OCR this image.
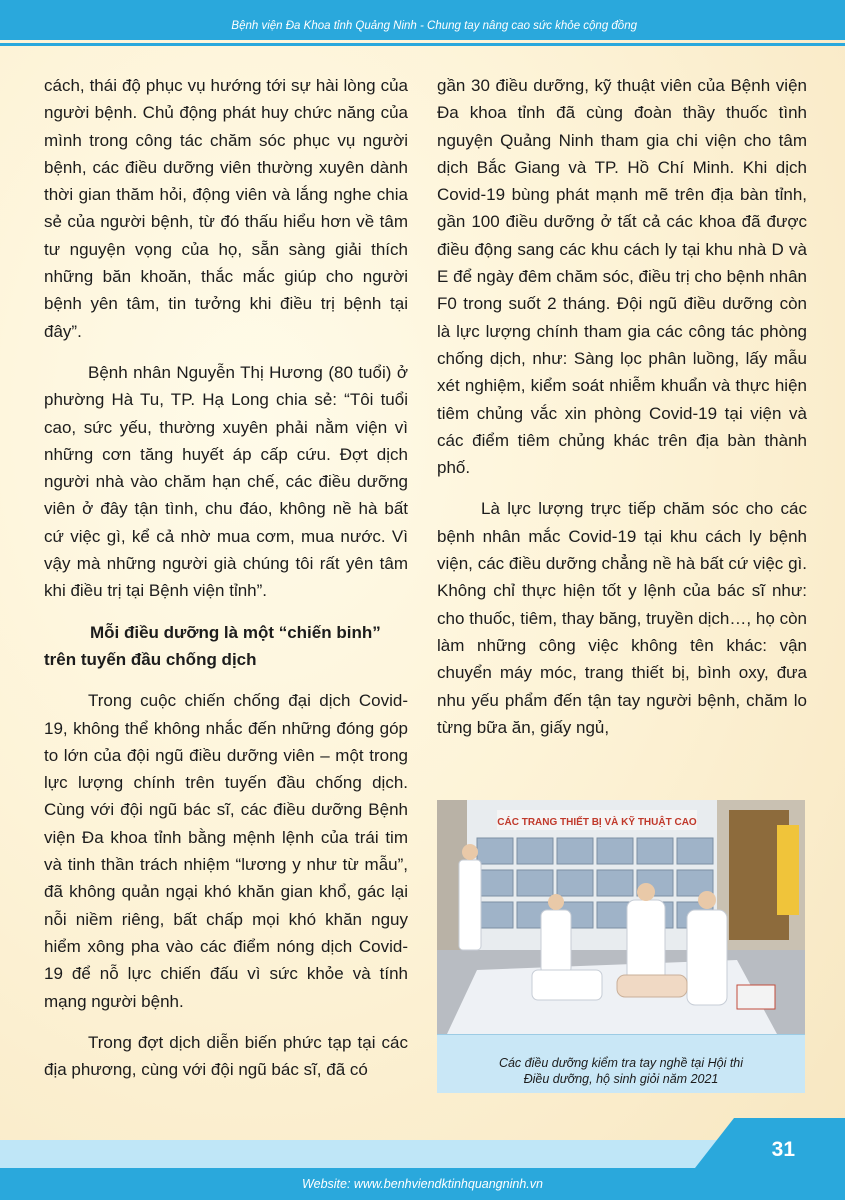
Bệnh viện Đa Khoa tỉnh Quảng Ninh - Chung tay nâng cao sức khỏe cộng đồng

cách, thái độ phục vụ hướng tới sự hài lòng của người bệnh. Chủ động phát huy chức năng của mình trong công tác chăm sóc phục vụ người bệnh, các điều dưỡng viên thường xuyên dành thời gian thăm hỏi, động viên và lắng nghe chia sẻ của người bệnh, từ đó thấu hiểu hơn về tâm tư nguyện vọng của họ, sẵn sàng giải thích những băn khoăn, thắc mắc giúp cho người bệnh yên tâm, tin tưởng khi điều trị bệnh tại đây”.

Bệnh nhân Nguyễn Thị Hương (80 tuổi) ở phường Hà Tu, TP. Hạ Long chia sẻ: “Tôi tuổi cao, sức yếu, thường xuyên phải nằm viện vì những cơn tăng huyết áp cấp cứu. Đợt dịch người nhà vào chăm hạn chế, các điều dưỡng viên ở đây tận tình, chu đáo, không nề hà bất cứ việc gì, kể cả nhờ mua cơm, mua nước. Vì vậy mà những người già chúng tôi rất yên tâm khi điều trị tại Bệnh viện tỉnh”.

Mỗi điều dưỡng là một “chiến binh”
trên tuyến đầu chống dịch

Trong cuộc chiến chống đại dịch Covid-19, không thể không nhắc đến những đóng góp to lớn của đội ngũ điều dưỡng viên – một trong lực lượng chính trên tuyến đầu chống dịch. Cùng với đội ngũ bác sĩ, các điều dưỡng Bệnh viện Đa khoa tỉnh bằng mệnh lệnh của trái tim và tinh thần trách nhiệm “lương y như từ mẫu”, đã không quản ngại khó khăn gian khổ, gác lại nỗi niềm riêng, bất chấp mọi khó khăn nguy hiểm xông pha vào các điểm nóng dịch Covid-19 để nỗ lực chiến đấu vì sức khỏe và tính mạng người bệnh.

Trong đợt dịch diễn biến phức tạp tại các địa phương, cùng với đội ngũ bác sĩ, đã có

gần 30 điều dưỡng, kỹ thuật viên của Bệnh viện Đa khoa tỉnh đã cùng đoàn thầy thuốc tình nguyện Quảng Ninh tham gia chi viện cho tâm dịch Bắc Giang và TP. Hồ Chí Minh. Khi dịch Covid-19 bùng phát mạnh mẽ trên địa bàn tỉnh, gần 100 điều dưỡng ở tất cả các khoa đã được điều động sang các khu cách ly tại khu nhà D và E để ngày đêm chăm sóc, điều trị cho bệnh nhân F0 trong suốt 2 tháng. Đội ngũ điều dưỡng còn là lực lượng chính tham gia các công tác phòng chống dịch, như: Sàng lọc phân luồng, lấy mẫu xét nghiệm, kiểm soát nhiễm khuẩn và thực hiện tiêm chủng vắc xin phòng Covid-19 tại viện và các điểm tiêm chủng khác trên địa bàn thành phố.

Là lực lượng trực tiếp chăm sóc cho các bệnh nhân mắc Covid-19 tại khu cách ly bệnh viện, các điều dưỡng chẳng nề hà bất cứ việc gì. Không chỉ thực hiện tốt y lệnh của bác sĩ như: cho thuốc, tiêm, thay băng, truyền dịch…, họ còn làm những công việc không tên khác: vận chuyển máy móc, trang thiết bị, bình oxy, đưa nhu yếu phẩm đến tận tay người bệnh, chăm lo từng bữa ăn, giấy ngủ,

CÁC TRANG THIẾT BỊ VÀ KỸ THUẬT CAO
Các điều dưỡng kiểm tra tay nghề tại Hội thi
Điều dưỡng, hộ sinh giỏi năm 2021
31
Website: www.benhviendktinhquangninh.vn
